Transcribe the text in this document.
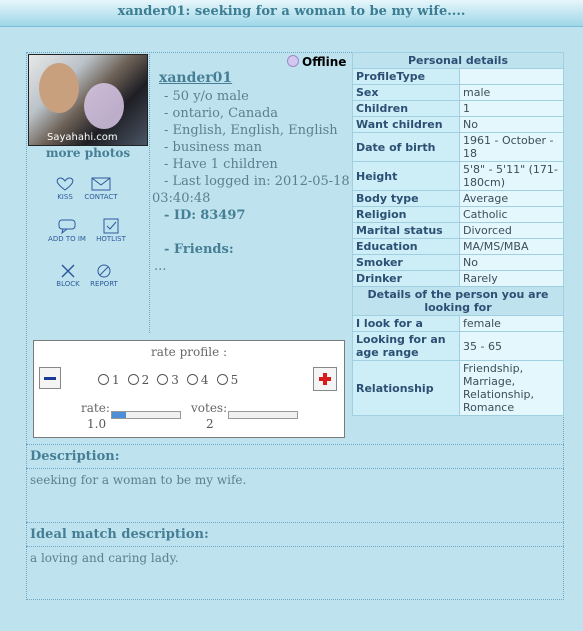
xander01: seeking for a woman to be my wife....
Sayahahi.com
more photos
KISS	CONTACT
ADD TO IM	HOTLIST
BLOCK	REPORT
Offline
xander01
- 50 y/o male
- ontario, Canada
- English, English, English
- business man
- Have 1 children
- Last logged in: 2012-05-18
03:40:48
- ID: 83497
- Friends:
...
Personal details	
ProfileType	
Sex	male
Children	1
Want children	No
Date of birth	1961 - October - 18
Height	5'8" - 5'11" (171-180cm)
Body type	Average
Religion	Catholic
Marital status	Divorced
Education	MA/MS/MBA
Smoker	No
Drinker	Rarely
Details of the person you are looking for	
I look for a	female
Looking for an age range	35 - 65
Relationship	Friendship, Marriage, Relationship, Romance
rate profile :
1 2 3 4 5
rate:
1.0
votes:
2
Description:
seeking for a woman to be my wife.
Ideal match description:
a loving and caring lady.
